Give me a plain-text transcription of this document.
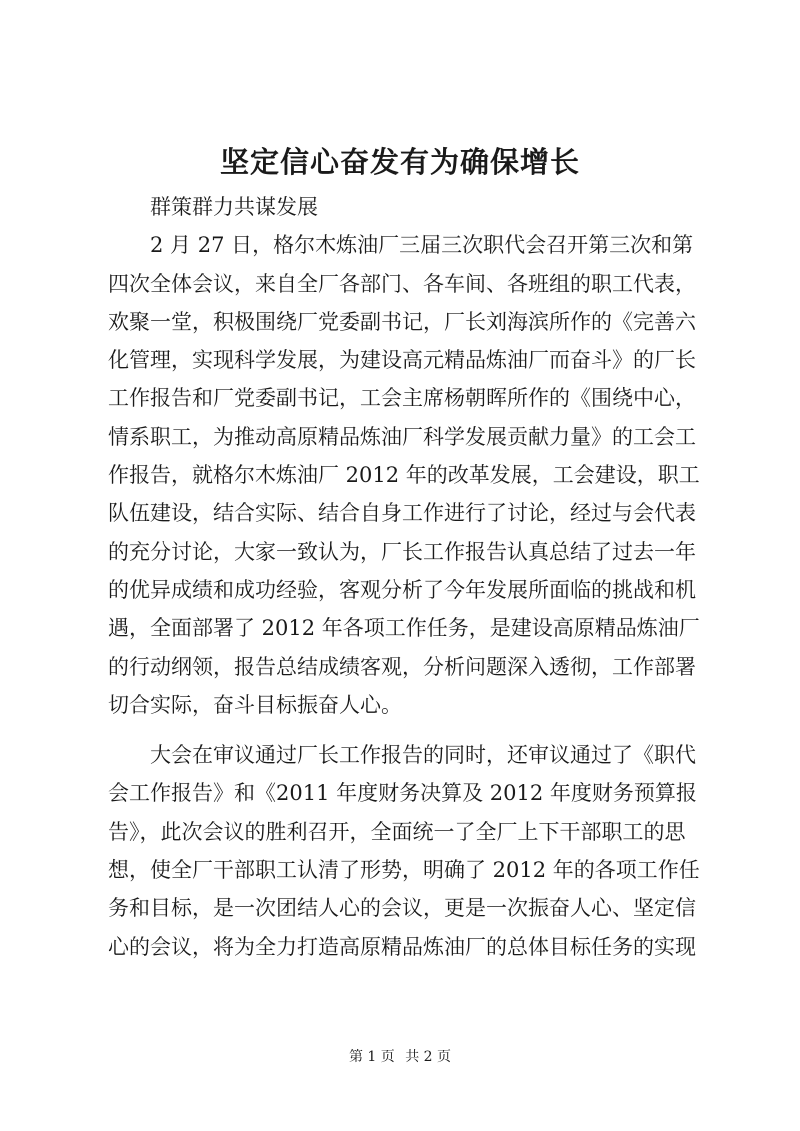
坚定信心奋发有为确保增长
群策群力共谋发展
2 月 27 日，格尔木炼油厂三届三次职代会召开第三次和第
四次全体会议，来自全厂各部门、各车间、各班组的职工代表，
欢聚一堂，积极围绕厂党委副书记，厂长刘海滨所作的《完善六
化管理，实现科学发展，为建设高元精品炼油厂而奋斗》的厂长
工作报告和厂党委副书记，工会主席杨朝晖所作的《围绕中心，
情系职工，为推动高原精品炼油厂科学发展贡献力量》的工会工
作报告，就格尔木炼油厂 2012 年的改革发展，工会建设，职工
队伍建设，结合实际、结合自身工作进行了讨论，经过与会代表
的充分讨论，大家一致认为，厂长工作报告认真总结了过去一年
的优异成绩和成功经验，客观分析了今年发展所面临的挑战和机
遇，全面部署了 2012 年各项工作任务，是建设高原精品炼油厂
的行动纲领，报告总结成绩客观，分析问题深入透彻，工作部署
切合实际，奋斗目标振奋人心。
大会在审议通过厂长工作报告的同时，还审议通过了《职代
会工作报告》和《2011 年度财务决算及 2012 年度财务预算报
告》，此次会议的胜利召开，全面统一了全厂上下干部职工的思
想，使全厂干部职工认清了形势，明确了 2012 年的各项工作任
务和目标，是一次团结人心的会议，更是一次振奋人心、坚定信
心的会议，将为全力打造高原精品炼油厂的总体目标任务的实现
第 1 页 共 2 页
